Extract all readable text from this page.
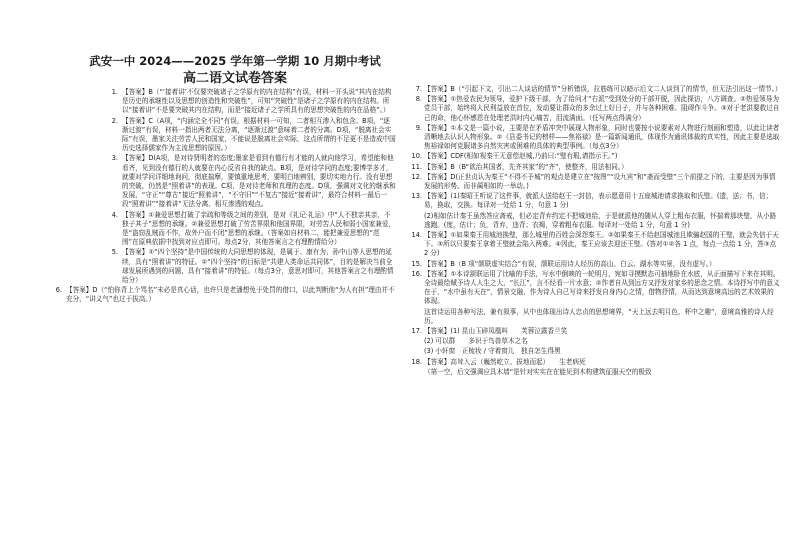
武安一中 2024——2025 学年第一学期 10 月期中考试
高二语文试卷答案
1. 【答案】B（“‘接着讲’不仅要突破诸子之学原有的内在结构”有误，材料一开头说“其内在结构是历史的承继性以及思想的创造性和突破性”，可知“突破性”是诸子之学原有的内在结构。所以“接着讲”不是要突破其内在结构，而是“接近诸子之学所具有的思想突破性的内在品格”。）

2. 【答案】C（A项，“内涵完全不同”有误，根据材料一可知，二者相互渗入和包含。B项，“逐渐过渡”有误，材料一指出两者无法分离，“逐渐过渡”意味着二者的分离。D项，“脱离社会实际”有误，墨家关注劳苦人民和国家，不能说是脱离社会实际，这点所谓的不足更不是造成中国历史选择儒家作为主流思想的原因。）

3. 【答案】D(A项，是对待贤明者的态度;墨家是看到有德行有才能的人就向他学习，希望能和他看齐，见到没有德行的人就要在内心反省自我的缺点。B项，是对待学问的态度;要博学多才，就要对学问详细地询问，彻底揣摩，要慎重地思考，要明白地辨别，要切实地力行。没有思想的突破，仍然是“照着讲”的表现。C项，是对待老师和真理的态度。D项，强调对文化的继承和发展，“守正”“尊古”接近“照着讲”，“不守旧”“不复古”接近“接着讲”，最符合材料一最后一段“照着讲”“接着讲”无法分离、相互渗透的观点。

4. 【答案】①兼爱思想打破了亲疏和等级之间的差别，是对《礼记·礼运》中“人不独亲其亲，不独子其子”思想的承继。②兼爱思想打破了劳苦界限和他国界限，对劳苦人民和弱小国家兼爱，是“盗窃乱贼而不作，故外户而不闭”思想的承继。（答案如自材料二，能把兼爱思想的“范围”在原典依据中找到对应点即可。每点2分，其他答案言之有理酌情给分）

5. 【答案】①“四个坚持”是中国传统的大同思想的体现，是属于、康有为、孙中山等人思想的延续，具有“照着讲”的特征。②“四个坚持”的目标是“共建人类命运共同体”，目的是解决当前全球发展所遇到的问题，具有“接着讲”的特征。（每点3分，意思对即可，其他答案言之有理酌情给分）

6. 【答案】D（“怕你背上个骂名”未必是真心话，也许只是老潘想免于处罚的借口，以此判断他“为人有担”理由并不充分，“讲义气”也过于拔高。）

7. 【答案】B（“引起下文，引出二人谈话的情节”分析错误，拉筋练可以暗示后文二人谈到了的情节，但无法引出这一情节。）

8. 【答案】①热爱农民为领导，爱护下级干部，为了给问才“右派”受到处分的干部开脱，因此探访，八方调查。②热爱领导为党员干部，始终将人民利益放在首位，发动要让群众的多余过上好日子，并与各种困难、阻碍作斗争。③对于老洪要救过自己的命，他心怀感恩在处理老洪时内心痛苦，泪流满面。（任写两点得满分）

9. 【答案】①本文是一篇小说，主要是在矛盾冲突中展现人物形象，同时也要按小说要素对人物进行刻画和塑造，以此让读者清晰地去认识人物形象。②《县委书记的榜样——焦裕禄》是一篇新闻通讯，体现作为通讯体裁的真实性，因此主要是选取焦裕禄如何克服诸多自然灾害或困难的具体的典型事例。（每点3分）

10. 【答案】CDF(相如视秦王无意偿赵城,乃前曰:“璧有瑕,请指示王。”)

11. 【答案】B（B“欲治其国者，先齐其家”的“齐”，使整齐，用法相同。）

12. 【答案】D(正世贞认为秦王“不得不予城”的观点是建立在“按图”“设九宾”和“斋而受璧”三个前提之下的，主要是因为事情发展的形势。而非蔺相如的一举动。)

13. 【答案】(1)秦昭王听说了这件事，就派人送给赵王一封信，表示愿意用十五座城池请求换取和氏璧。(遗，送；书，信；易，换取，交换。每译对一处给 1 分，句意 1 分)

(2)相如估计秦王虽然答应斋戒，但必定背弃约定不把城池给，于是就派他的随从人穿上粗布衣服，怀揣着那块璧，从小路逃跑。(度，估计；负，背弃，违背；衣褐，穿着粗布衣服。每译对一处给 1 分，句意 1 分)

14. 【答案】①如果秦王用城池换璧，那么城里的百姓会深怨秦王。②如果秦王不给赵国城池且欺骗赵国的王璧，就会失信于天下。③所以只要秦王拿着王璧就会陷入两难。④因此，秦王应该去迎还王璧。(答对①②各 1 点，每点一点给 1 分，答③点 2 分)

15. 【答案】B（B 项“颌联虚实结合”有误，颌联运用诗人经历的高山、白云、湖水等实景，没有虚写。）

16. 【答案】①本诗颔联运用了比喻的手法，写水中倒映的一轮明月，宛如寻摸默态可抽地卧在水底，从正面描写下来在其明。全诗最绘赋予诗人人生之大，“长江”，言不经看一片水意；②作者自从到远方又抒发对家乡的思念之情。本诗抒写中的意义在于，“水中虽有天在”，情景交融，作为诗人自己写诗来抒发自身内心之情，借物抒情，从而达到意境高远的艺术效果的体现。

这首诗运用各种写法，兼有叙事，从中也体现出诗人忠贞的思想境界，“天上远去明月色，杯中之趣”，意境高雅的诗人经历。

17. 【答案】(1) 昆山玉碎凤凰叫　　芙蓉泣露香兰笑

(2) 可以群　　多识于鸟兽草木之名

(3) 小轩窗　正梳妆 / 守着窗儿　独自怎生得黑

18. 【答案】高耸入云（巍然屹立、拔地而起）　　生老病死

（第一空，后文强调应具木墙“是针对实实在在能见到木构建筑征服天空的极致
